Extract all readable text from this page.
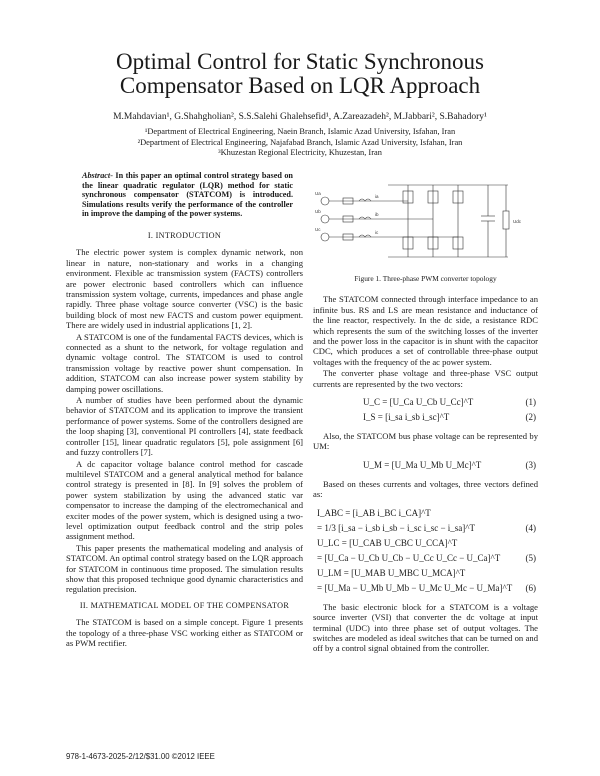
Optimal Control for Static Synchronous
Compensator Based on LQR Approach
M.Mahdavian¹, G.Shahgholian², S.S.Salehi Ghalehsefid¹, A.Zareazadeh², M.Jabbari², S.Bahadory¹
¹Department of Electrical Engineering, Naein Branch, Islamic Azad University, Isfahan, Iran
²Department of Electrical Engineering, Najafabad Branch, Islamic Azad University, Isfahan, Iran
³Khuzestan Regional Electricity, Khuzestan, Iran
Abstract- In this paper an optimal control strategy based on the linear quadratic regulator (LQR) method for static synchronous compensator (STATCOM) is introduced. Simulations results verify the performance of the controller in improve the damping of the power systems.
I. INTRODUCTION

The electric power system is complex dynamic network, non linear in nature, non-stationary and works in a changing environment. Flexible ac transmission system (FACTS) controllers are power electronic based controllers which can influence transmission system voltage, currents, impedances and phase angle rapidly. Three phase voltage source converter (VSC) is the basic building block of most new FACTS and custom power equipment. There are widely used in industrial applications [1, 2].

A STATCOM is one of the fundamental FACTS devices, which is connected as a shunt to the network, for voltage regulation and dynamic voltage control. The STATCOM is used to control transmission voltage by reactive power shunt compensation. In addition, STATCOM can also increase power system stability by damping power oscillations.

A number of studies have been performed about the dynamic behavior of STATCOM and its application to improve the transient performance of power systems. Some of the controllers designed are the loop shaping [3], conventional PI controllers [4], state feedback controller [15], linear quadratic regulators [5], pole assignment [6] and fuzzy controllers [7].

A dc capacitor voltage balance control method for cascade multilevel STATCOM and a general analytical method for balance control strategy is presented in [8]. In [9] solves the problem of power system stabilization by using the advanced static var compensator to increase the damping of the electromechanical and exciter modes of the power system, which is designed using a two-level optimization output feedback control and the strip poles assignment method.

This paper presents the mathematical modeling and analysis of STATCOM. An optimal control strategy based on the LQR approach for STATCOM in continuous time proposed. The simulation results show that this proposed technique good dynamic characteristics and regulation precision.

II. MATHEMATICAL MODEL OF THE COMPENSATOR

The STATCOM is based on a simple concept. Figure 1 presents the topology of a three-phase VSC working either as STATCOM or as PWM rectifier.

Ua
Ub
Uc
ia
ib
ic
Udc
Figure 1. Three-phase PWM converter topology

The STATCOM connected through interface impedance to an infinite bus. RS and LS are mean resistance and inductance of the line reactor, respectively. In the dc side, a resistance RDC which represents the sum of the switching losses of the inverter and the power loss in the capacitor is in shunt with the capacitor CDC, which produces a set of controllable three-phase output voltages with the frequency of the ac power system.

The converter phase voltage and three-phase VSC output currents are represented by the two vectors:

U_C = [U_Ca U_Cb U_Cc]^T	(1)
I_S = [i_sa i_sb i_sc]^T	(2)

Also, the STATCOM bus phase voltage can be represented by UM:

U_M = [U_Ma U_Mb U_Mc]^T	(3)

Based on theses currents and voltages, three vectors defined as:

I_ABC = [i_AB i_BC i_CA]^T
= 1/3 [i_sa − i_sb i_sb − i_sc i_sc − i_sa]^T	(4)
U_LC = [U_CAB U_CBC U_CCA]^T
= [U_Ca − U_Cb U_Cb − U_Cc U_Cc − U_Ca]^T	(5)
U_LM = [U_MAB U_MBC U_MCA]^T
= [U_Ma − U_Mb U_Mb − U_Mc U_Mc − U_Ma]^T (6)

The basic electronic block for a STATCOM is a voltage source inverter (VSI) that converter the dc voltage at input terminal (UDC) into three phase set of output voltages. The switches are modeled as ideal switches that can be turned on and off by a control signal obtained from the controller.

978-1-4673-2025-2/12/$31.00 ©2012 IEEE
